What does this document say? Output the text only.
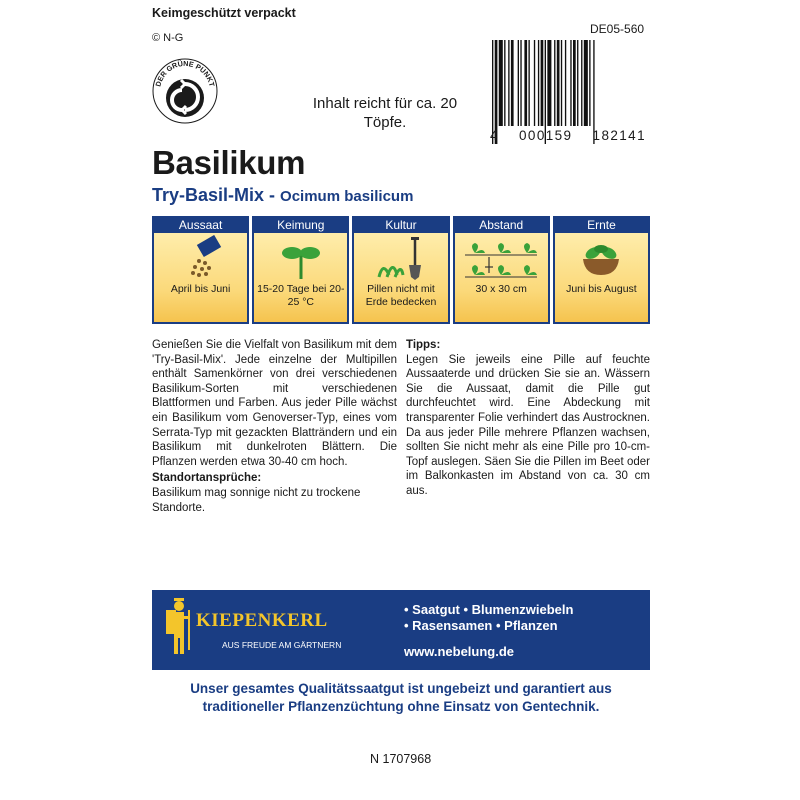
Keimgeschützt verpackt
© N-G
DE05-560
DER GRÜNE PUNKT
Inhalt reicht für ca. 20 Töpfe.
4 000159 182141
Basilikum
Try-Basil-Mix - Ocimum basilicum
Aussaat
April bis Juni
Keimung
15-20 Tage bei 20-25 °C
Kultur
Pillen nicht mit Erde bedecken
Abstand
30 x 30 cm
Ernte
Juni bis August
Genießen Sie die Vielfalt von Basilikum mit dem 'Try-Basil-Mix'. Jede einzelne der Multipillen enthält Samenkörner von drei verschiedenen Basilikum-Sorten mit verschiedenen Blattformen und Farben. Aus jeder Pille wächst ein Basilikum vom Genoverser-Typ, eines vom Serrata-Typ mit gezackten Blatträndern und ein Basilikum mit dunkelroten Blättern. Die Pflanzen werden etwa 30-40 cm hoch.
Standortansprüche:
Basilikum mag sonnige nicht zu trockene Standorte.
Tipps:
Legen Sie jeweils eine Pille auf feuchte Aussaaterde und drücken Sie sie an. Wässern Sie die Aussaat, damit die Pille gut durchfeuchtet wird. Eine Abdeckung mit transparenter Folie verhindert das Austrocknen. Da aus jeder Pille mehrere Pflanzen wachsen, sollten Sie nicht mehr als eine Pille pro 10-cm-Topf auslegen. Säen Sie die Pillen im Beet oder im Balkonkasten im Abstand von ca. 30 cm aus.
KIEPENKERL
AUS FREUDE AM GÄRTNERN
• Saatgut • Blumenzwiebeln
• Rasensamen • Pflanzen
www.nebelung.de
Unser gesamtes Qualitätssaatgut ist ungebeizt und garantiert aus traditioneller Pflanzenzüchtung ohne Einsatz von Gentechnik.
N 1707968
